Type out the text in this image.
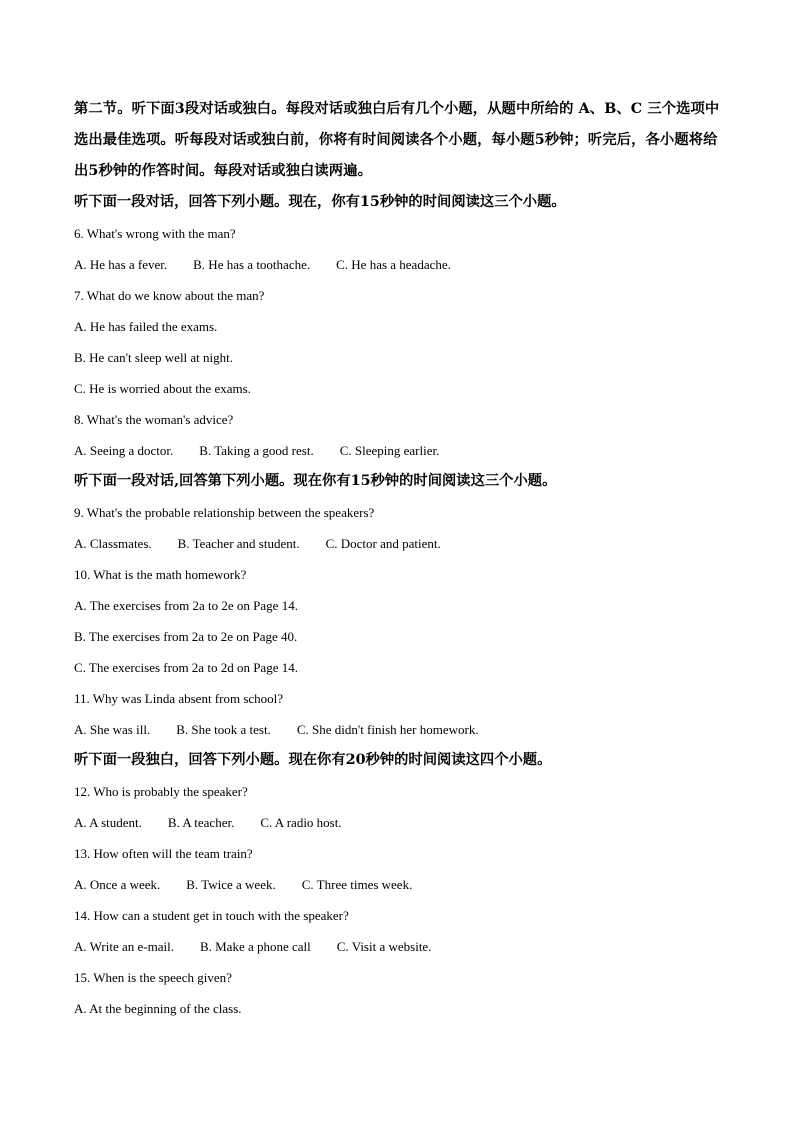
第二节。听下面3段对话或独白。每段对话或独白后有几个小题，从题中所给的 A、B、C 三个选项中选出最佳选项。听每段对话或独白前，你将有时间阅读各个小题，每小题5秒钟；听完后，各小题将给出5秒钟的作答时间。每段对话或独白读两遍。

听下面一段对话，回答下列小题。现在，你有15秒钟的时间阅读这三个小题。

6. What's wrong with the man?

A. He has a fever. B. He has a toothache. C. He has a headache.

7. What do we know about the man?

A. He has failed the exams.

B. He can't sleep well at night.

C. He is worried about the exams.

8. What's the woman's advice?

A. Seeing a doctor. B. Taking a good rest. C. Sleeping earlier.

听下面一段对话,回答第下列小题。现在你有15秒钟的时间阅读这三个小题。

9. What's the probable relationship between the speakers?

A. Classmates. B. Teacher and student. C. Doctor and patient.

10. What is the math homework?

A. The exercises from 2a to 2e on Page 14.

B. The exercises from 2a to 2e on Page 40.

C. The exercises from 2a to 2d on Page 14.

11. Why was Linda absent from school?

A. She was ill. B. She took a test. C. She didn't finish her homework.

听下面一段独白，回答下列小题。现在你有20秒钟的时间阅读这四个小题。

12. Who is probably the speaker?

A. A student. B. A teacher. C. A radio host.

13. How often will the team train?

A. Once a week. B. Twice a week. C. Three times week.

14. How can a student get in touch with the speaker?

A. Write an e-mail. B. Make a phone call C. Visit a website.

15. When is the speech given?

A. At the beginning of the class.
